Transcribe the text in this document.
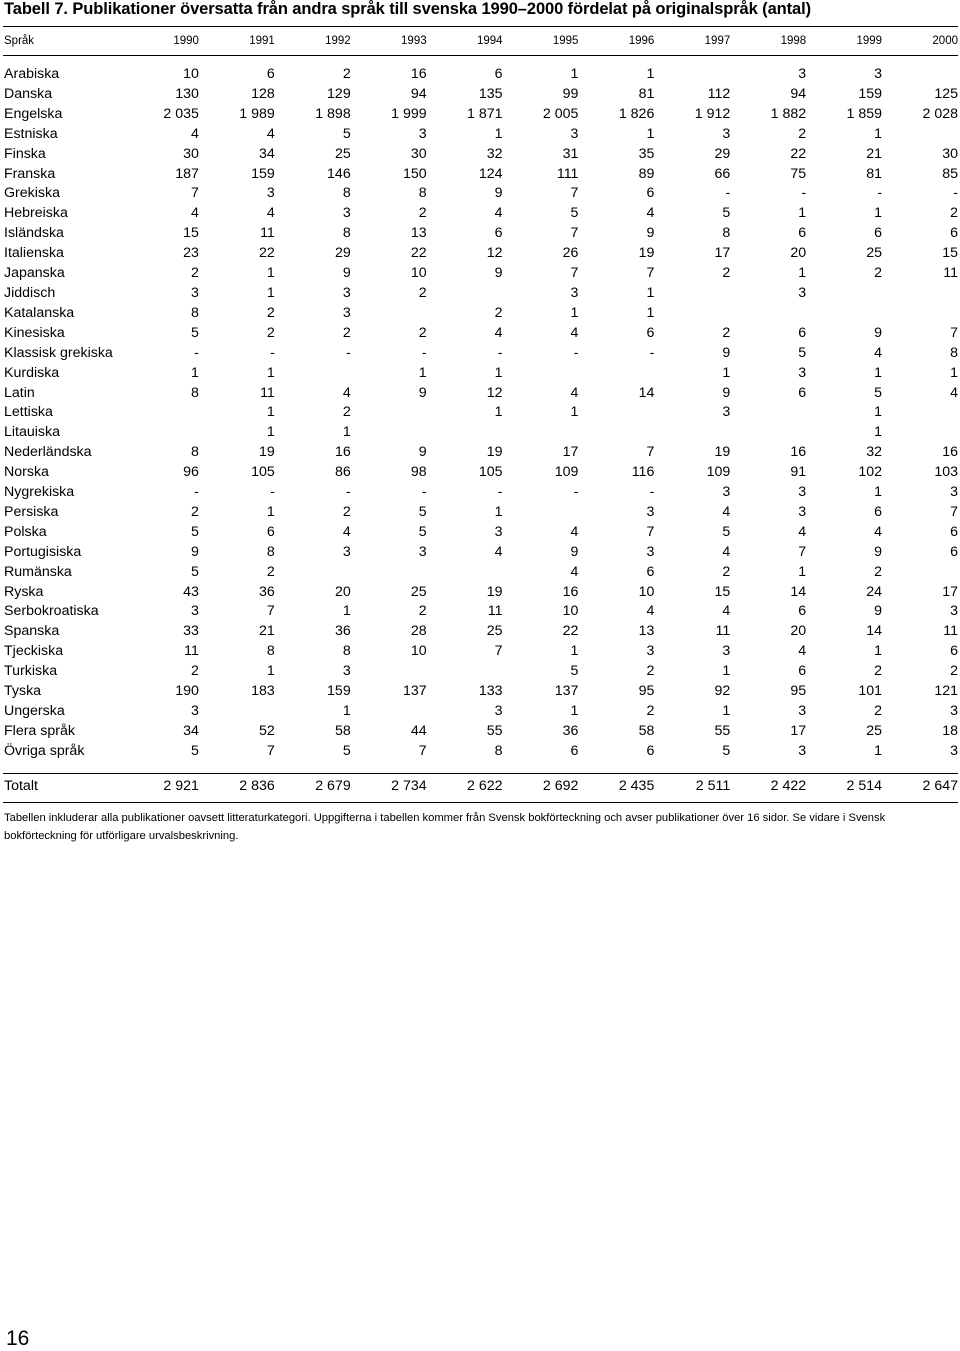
Tabell 7. Publikationer översatta från andra språk till svenska 1990–2000 fördelat på originalspråk (antal)
Språk	1990	1991	1992	1993	1994	1995	1996	1997	1998	1999	2000
Arabiska	10	6	2	16	6	1	1		3	3	
Danska	130	128	129	94	135	99	81	112	94	159	125
Engelska	2 035	1 989	1 898	1 999	1 871	2 005	1 826	1 912	1 882	1 859	2 028
Estniska	4	4	5	3	1	3	1	3	2	1	
Finska	30	34	25	30	32	31	35	29	22	21	30
Franska	187	159	146	150	124	111	89	66	75	81	85
Grekiska	7	3	8	8	9	7	6	-	-	-	-
Hebreiska	4	4	3	2	4	5	4	5	1	1	2
Isländska	15	11	8	13	6	7	9	8	6	6	6
Italienska	23	22	29	22	12	26	19	17	20	25	15
Japanska	2	1	9	10	9	7	7	2	1	2	11
Jiddisch	3	1	3	2		3	1		3		
Katalanska	8	2	3		2	1	1				
Kinesiska	5	2	2	2	4	4	6	2	6	9	7
Klassisk grekiska	-	-	-	-	-	-	-	9	5	4	8
Kurdiska	1	1		1	1			1	3	1	1
Latin	8	11	4	9	12	4	14	9	6	5	4
Lettiska		1	2		1	1		3		1	
Litauiska		1	1							1	
Nederländska	8	19	16	9	19	17	7	19	16	32	16
Norska	96	105	86	98	105	109	116	109	91	102	103
Nygrekiska	-	-	-	-	-	-	-	3	3	1	3
Persiska	2	1	2	5	1		3	4	3	6	7
Polska	5	6	4	5	3	4	7	5	4	4	6
Portugisiska	9	8	3	3	4	9	3	4	7	9	6
Rumänska	5	2				4	6	2	1	2	
Ryska	43	36	20	25	19	16	10	15	14	24	17
Serbokroatiska	3	7	1	2	11	10	4	4	6	9	3
Spanska	33	21	36	28	25	22	13	11	20	14	11
Tjeckiska	11	8	8	10	7	1	3	3	4	1	6
Turkiska	2	1	3			5	2	1	6	2	2
Tyska	190	183	159	137	133	137	95	92	95	101	121
Ungerska	3		1		3	1	2	1	3	2	3
Flera språk	34	52	58	44	55	36	58	55	17	25	18
Övriga språk	5	7	5	7	8	6	6	5	3	1	3
Totalt	2 921	2 836	2 679	2 734	2 622	2 692	2 435	2 511	2 422	2 514	2 647
Tabellen inkluderar alla publikationer oavsett litteraturkategori. Uppgifterna i tabellen kommer från Svensk bokförteckning och avser publikationer över 16 sidor. Se vidare i Svensk bokförteckning för utförligare urvalsbeskrivning.
16
